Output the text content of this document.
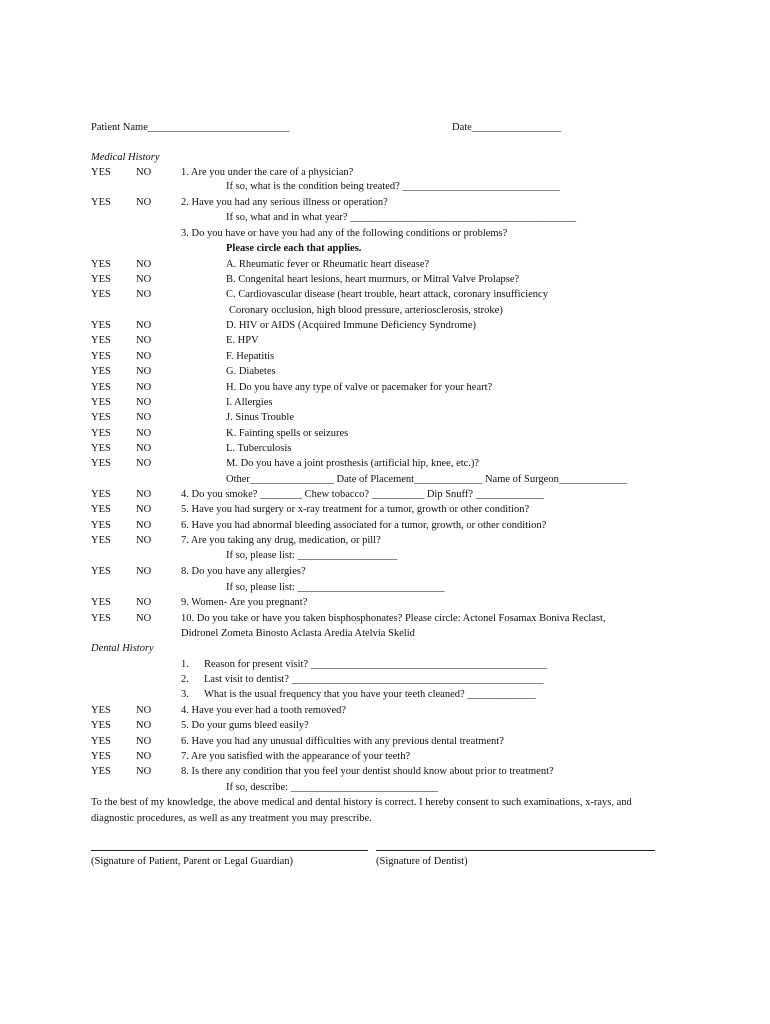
Patient Name___________________________	Date_________________
Medical History
YES NO	1. Are you under the care of a physician?
If so, what is the condition being treated? ______________________________
YES NO	2. Have you had any serious illness or operation?
If so, what and in what year? ___________________________________________
3. Do you have or have you had any of the following conditions or problems?
Please circle each that applies.
YES NO	A. Rheumatic fever or Rheumatic heart disease?
YES NO	B. Congenital heart lesions, heart murmurs, or Mitral Valve Prolapse?
YES NO	C. Cardiovascular disease (heart trouble, heart attack, coronary insufficiency
Coronary occlusion, high blood pressure, arteriosclerosis, stroke)
YES NO	D. HIV or AIDS (Acquired Immune Deficiency Syndrome)
YES NO	E. HPV
YES NO	F. Hepatitis
YES NO	G. Diabetes
YES NO	H. Do you have any type of valve or pacemaker for your heart?
YES NO	I. Allergies
YES NO	J. Sinus Trouble
YES NO	K. Fainting spells or seizures
YES NO	L. Tuberculosis
YES NO	M. Do you have a joint prosthesis (artificial hip, knee, etc.)?
Other________________ Date of Placement_____________ Name of Surgeon_____________
YES NO	4. Do you smoke? ________ Chew tobacco? __________ Dip Snuff? _____________
YES NO	5. Have you had surgery or x-ray treatment for a tumor, growth or other condition?
YES NO	6. Have you had abnormal bleeding associated for a tumor, growth, or other condition?
YES NO	7. Are you taking any drug, medication, or pill?
If so, please list: ___________________
YES NO	8. Do you have any allergies?
If so, please list: ____________________________
YES NO	9. Women- Are you pregnant?
YES NO	10. Do you take or have you taken bisphosphonates? Please circle: Actonel Fosamax Boniva Reclast,
Didronel Zometa Binosto Aclasta Aredia Atelvia Skelid
Dental History
1. Reason for present visit? _____________________________________________
2. Last visit to dentist? ________________________________________________
3. What is the usual frequency that you have your teeth cleaned? _____________
YES NO	4. Have you ever had a tooth removed?
YES NO	5. Do your gums bleed easily?
YES NO	6. Have you had any unusual difficulties with any previous dental treatment?
YES NO	7. Are you satisfied with the appearance of your teeth?
YES NO	8. Is there any condition that you feel your dentist should know about prior to treatment?
If so, describe: ____________________________
To the best of my knowledge, the above medical and dental history is correct. I hereby consent to such examinations, x-rays, and
diagnostic procedures, as well as any treatment you may prescribe.
(Signature of Patient, Parent or Legal Guardian)	(Signature of Dentist)
